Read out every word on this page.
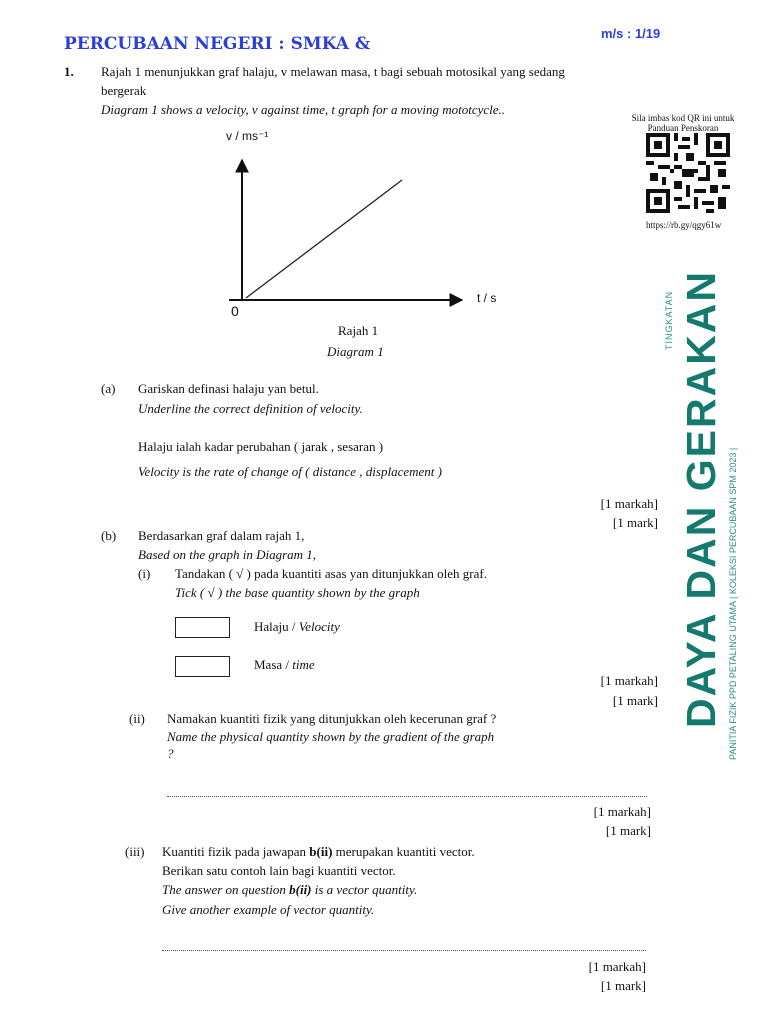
PERCUBAAN NEGERI : SMKA &
m/s : 1/19
1. Rajah 1 menunjukkan graf halaju, v melawan masa, t bagi sebuah motosikal yang sedang
bergerak
Diagram 1 shows a velocity, v against time, t graph for a moving mototcycle..
Sila imbas kod QR ini untuk
Panduan Penskoran
https://rb.gy/qgy61w
v / ms⁻¹
t / s
0
Rajah 1
Diagram 1
(a) Gariskan definasi halaju yan betul.
Underline the correct definition of velocity.
Halaju ialah kadar perubahan ( jarak , sesaran )
Velocity is the rate of change of ( distance , displacement )
[1 markah]
[1 mark]
(b) Berdasarkan graf dalam rajah 1,
Based on the graph in Diagram 1,
(i) Tandakan ( √ ) pada kuantiti asas yan ditunjukkan oleh graf.
Tick ( √ ) the base quantity shown by the graph
Halaju / Velocity
Masa / time
[1 markah]
[1 mark]
(ii) Namakan kuantiti fizik yang ditunjukkan oleh kecerunan graf ?
Name the physical quantity shown by the gradient of the graph
?
[1 markah]
[1 mark]
(iii) Kuantiti fizik pada jawapan b(ii) merupakan kuantiti vector.
Berikan satu contoh lain bagi kuantiti vector.
The answer on question b(ii) is a vector quantity.
Give another example of vector quantity.
[1 markah]
[1 mark]
TINGKATAN DAYA DAN GERAKAN PANITIA FIZIK PPD PETALING UTAMA | KOLEKSI PERCUBAAN SPM 2023 |
